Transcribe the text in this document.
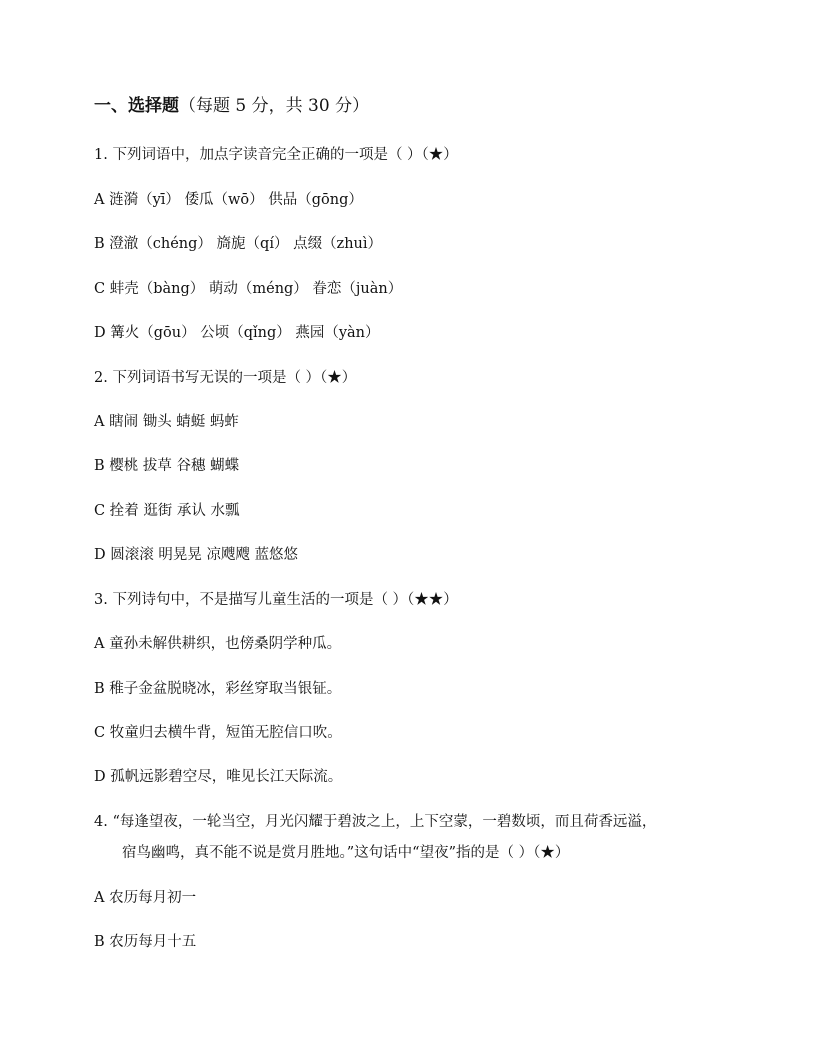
一、选择题（每题 5 分，共 30 分）
1. 下列词语中，加点字读音完全正确的一项是（ ）（★）
A 涟漪（yī） 倭瓜（wō） 供品（gōng）
B 澄澈（chéng） 旖旎（qí） 点缀（zhuì）
C 蚌壳（bàng） 萌动（méng） 眷恋（juàn）
D 篝火（gōu） 公顷（qǐng） 燕园（yàn）
2. 下列词语书写无误的一项是（ ）（★）
A 瞎闹 锄头 蜻蜓 蚂蚱
B 樱桃 拔草 谷穗 蝴蝶
C 拴着 逛街 承认 水瓢
D 圆滚滚 明晃晃 凉飕飕 蓝悠悠
3. 下列诗句中，不是描写儿童生活的一项是（ ）（★★）
A 童孙未解供耕织，也傍桑阴学种瓜。
B 稚子金盆脱晓冰，彩丝穿取当银钲。
C 牧童归去横牛背，短笛无腔信口吹。
D 孤帆远影碧空尽，唯见长江天际流。
4. “每逢望夜，一轮当空，月光闪耀于碧波之上，上下空蒙，一碧数顷，而且荷香远溢，
宿鸟幽鸣，真不能不说是赏月胜地。”这句话中“望夜”指的是（ ）（★）
A 农历每月初一
B 农历每月十五
